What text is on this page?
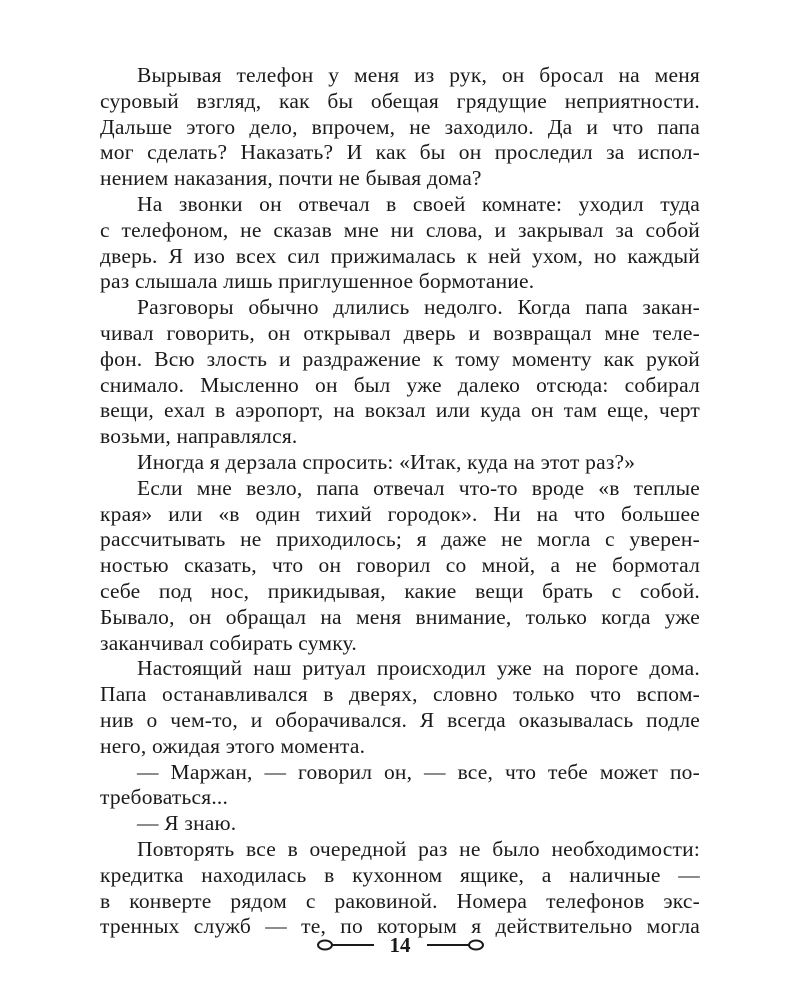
Вырывая телефон у меня из рук, он бросал на меня
суровый взгляд, как бы обещая грядущие неприятности.
Дальше этого дело, впрочем, не заходило. Да и что папа
мог сделать? Наказать? И как бы он проследил за испол-
нением наказания, почти не бывая дома?
На звонки он отвечал в своей комнате: уходил туда
с телефоном, не сказав мне ни слова, и закрывал за собой
дверь. Я изо всех сил прижималась к ней ухом, но каждый
раз слышала лишь приглушенное бормотание.
Разговоры обычно длились недолго. Когда папа закан-
чивал говорить, он открывал дверь и возвращал мне теле-
фон. Всю злость и раздражение к тому моменту как рукой
снимало. Мысленно он был уже далеко отсюда: собирал
вещи, ехал в аэропорт, на вокзал или куда он там еще, черт
возьми, направлялся.
Иногда я дерзала спросить: «Итак, куда на этот раз?»
Если мне везло, папа отвечал что-то вроде «в теплые
края» или «в один тихий городок». Ни на что большее
рассчитывать не приходилось; я даже не могла с уверен-
ностью сказать, что он говорил со мной, а не бормотал
себе под нос, прикидывая, какие вещи брать с собой.
Бывало, он обращал на меня внимание, только когда уже
заканчивал собирать сумку.
Настоящий наш ритуал происходил уже на пороге дома.
Папа останавливался в дверях, словно только что вспом-
нив о чем-то, и оборачивался. Я всегда оказывалась подле
него, ожидая этого момента.
— Маржан, — говорил он, — все, что тебе может по-
требоваться...
— Я знаю.
Повторять все в очередной раз не было необходимости:
кредитка находилась в кухонном ящике, а наличные —
в конверте рядом с раковиной. Номера телефонов экс-
тренных служб — те, по которым я действительно могла
14
